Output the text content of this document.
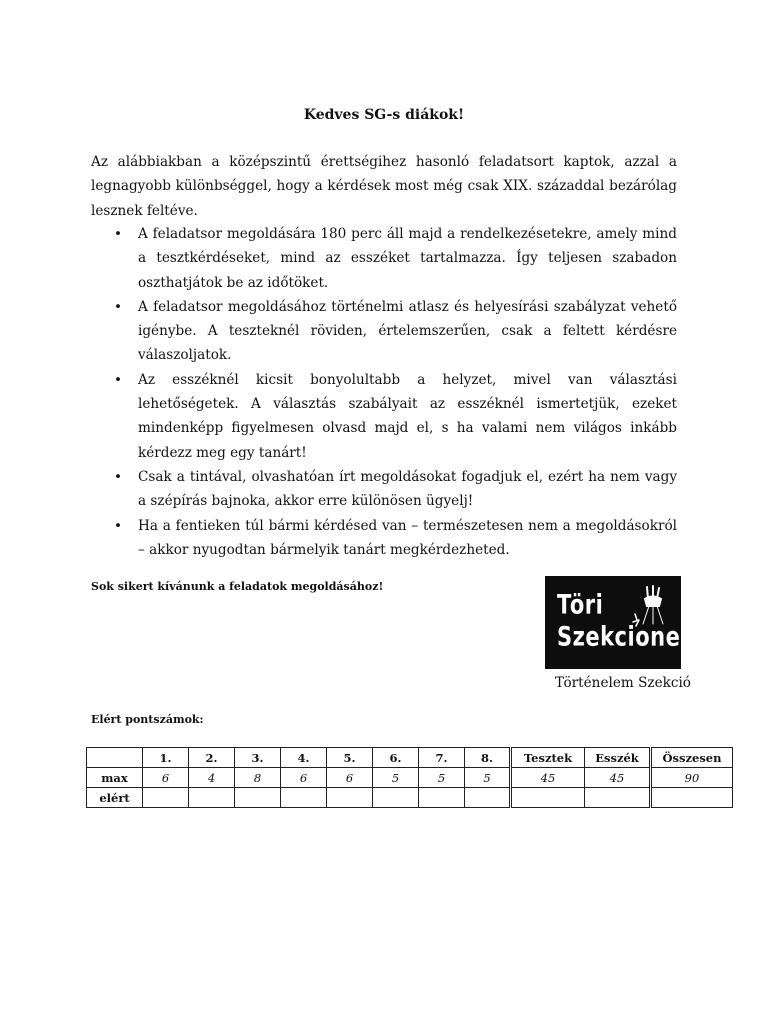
Kedves SG-s diákok!

Az alábbiakban a középszintű érettségihez hasonló feladatsort kaptok, azzal a legnagyobb különbséggel, hogy a kérdések most még csak XIX. századdal bezárólag lesznek feltéve.

• A feladatsor megoldására 180 perc áll majd a rendelkezésetekre, amely mind a tesztkérdéseket, mind az esszéket tartalmazza. Így teljesen szabadon oszthatjátok be az időtöket.
• A feladatsor megoldásához történelmi atlasz és helyesírási szabályzat vehető igénybe. A teszteknél röviden, értelemszerűen, csak a feltett kérdésre válaszoljatok.
• Az esszéknél kicsit bonyolultabb a helyzet, mivel van választási lehetőségetek. A választás szabályait az esszéknél ismertetjük, ezeket mindenképp figyelmesen olvasd majd el, s ha valami nem világos inkább kérdezz meg egy tanárt!
• Csak a tintával, olvashatóan írt megoldásokat fogadjuk el, ezért ha nem vagy a szépírás bajnoka, akkor erre különösen ügyelj!
• Ha a fentieken túl bármi kérdésed van – természetesen nem a megoldásokról – akkor nyugodtan bármelyik tanárt megkérdezheted.
Sok sikert kívánunk a feladatok megoldásához!
Töri
Szekcione
Történelem Szekció
Elért pontszámok:
	1.	2.	3.	4.	5.	6.	7.	8.	Tesztek	Esszék	Összesen
max	6	4	8	6	6	5	5	5	45	45	90
elért											
